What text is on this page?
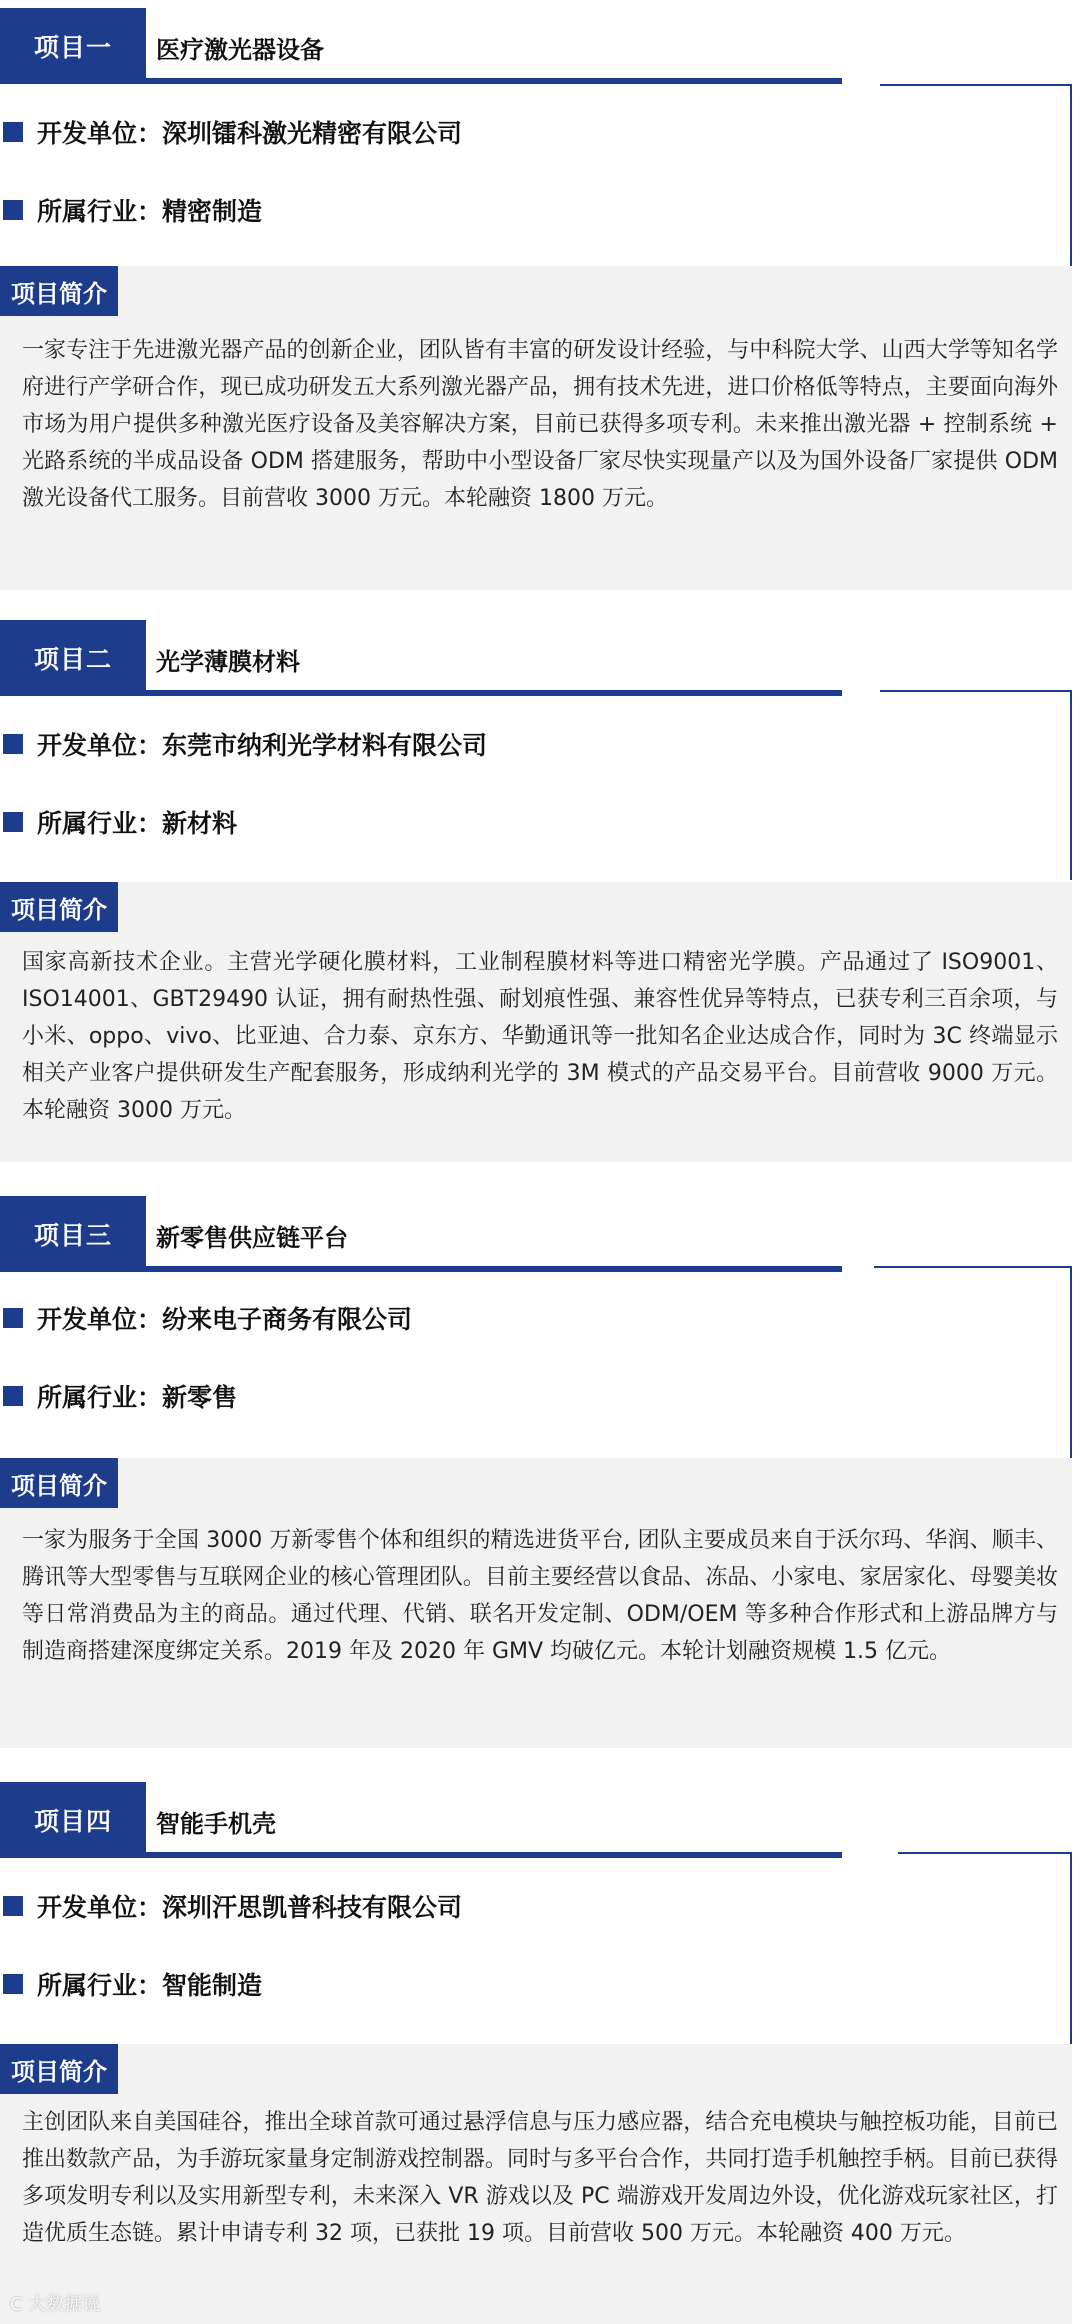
项目一	医疗激光器设备
开发单位：深圳镭科激光精密有限公司
所属行业：精密制造
项目简介
一家专注于先进激光器产品的创新企业，团队皆有丰富的研发设计经验，与中科院大学、山西大学等知名学府进行产学研合作，现已成功研发五大系列激光器产品，拥有技术先进，进口价格低等特点，主要面向海外市场为用户提供多种激光医疗设备及美容解决方案，目前已获得多项专利。未来推出激光器 + 控制系统 + 光路系统的半成品设备 ODM 搭建服务，帮助中小型设备厂家尽快实现量产以及为国外设备厂家提供 ODM 激光设备代工服务。目前营收 3000 万元。本轮融资 1800 万元。
项目二	光学薄膜材料
开发单位：东莞市纳利光学材料有限公司
所属行业：新材料
项目简介
国家高新技术企业。主营光学硬化膜材料，工业制程膜材料等进口精密光学膜。产品通过了 ISO9001、ISO14001、GBT29490 认证，拥有耐热性强、耐划痕性强、兼容性优异等特点，已获专利三百余项，与小米、oppo、vivo、比亚迪、合力泰、京东方、华勤通讯等一批知名企业达成合作，同时为 3C 终端显示相关产业客户提供研发生产配套服务，形成纳利光学的 3M 模式的产品交易平台。目前营收 9000 万元。本轮融资 3000 万元。
项目三	新零售供应链平台
开发单位：纷来电子商务有限公司
所属行业：新零售
项目简介
一家为服务于全国 3000 万新零售个体和组织的精选进货平台, 团队主要成员来自于沃尔玛、华润、顺丰、腾讯等大型零售与互联网企业的核心管理团队。目前主要经营以食品、冻品、小家电、家居家化、母婴美妆等日常消费品为主的商品。通过代理、代销、联名开发定制、ODM/OEM 等多种合作形式和上游品牌方与制造商搭建深度绑定关系。2019 年及 2020 年 GMV 均破亿元。本轮计划融资规模 1.5 亿元。
项目四	智能手机壳
开发单位：深圳汗思凯普科技有限公司
所属行业：智能制造
项目简介
主创团队来自美国硅谷，推出全球首款可通过悬浮信息与压力感应器，结合充电模块与触控板功能，目前已推出数款产品，为手游玩家量身定制游戏控制器。同时与多平台合作，共同打造手机触控手柄。目前已获得多项发明专利以及实用新型专利，未来深入 VR 游戏以及 PC 端游戏开发周边外设，优化游戏玩家社区，打造优质生态链。累计申请专利 32 项，已获批 19 项。目前营收 500 万元。本轮融资 400 万元。
C 大数据说
